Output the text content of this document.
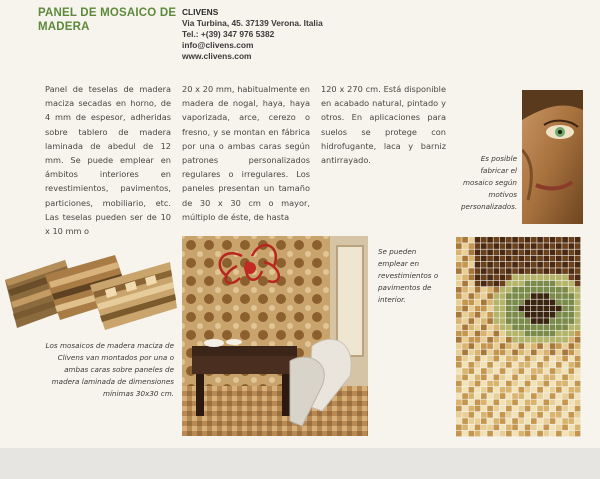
PANEL DE MOSAICO DE MADERA
CLIVENS
Via Turbina, 45. 37139 Verona. Italia
Tel.: +(39) 347 976 5382
info@clivens.com
www.clivens.com
Panel de teselas de madera maciza secadas en horno, de 4 mm de espesor, adheridas sobre tablero de madera laminada de abedul de 12 mm. Se puede emplear en ámbitos interiores en revestimientos, pavimentos, particiones, mobiliario, etc. Las teselas pueden ser de 10 x 10 mm o
20 x 20 mm, habitualmente en madera de nogal, haya, haya vaporizada, arce, cerezo o fresno, y se montan en fábrica por una o ambas caras según patrones personalizados regulares o irregulares. Los paneles presentan un tamaño de 30 x 30 cm o mayor, múltiplo de éste, de hasta
120 x 270 cm. Está disponible en acabado natural, pintado y otros. En aplicaciones para suelos se protege con hidrofugante, laca y barniz antirrayado.
Los mosaicos de madera maciza de Clivens van montados por una o ambas caras sobre paneles de madera laminada de dimensiones mínimas 30x30 cm.
Se pueden emplear en revestimientos o pavimentos de interior.
Es posible fabricar el mosaico según motivos personalizados.
